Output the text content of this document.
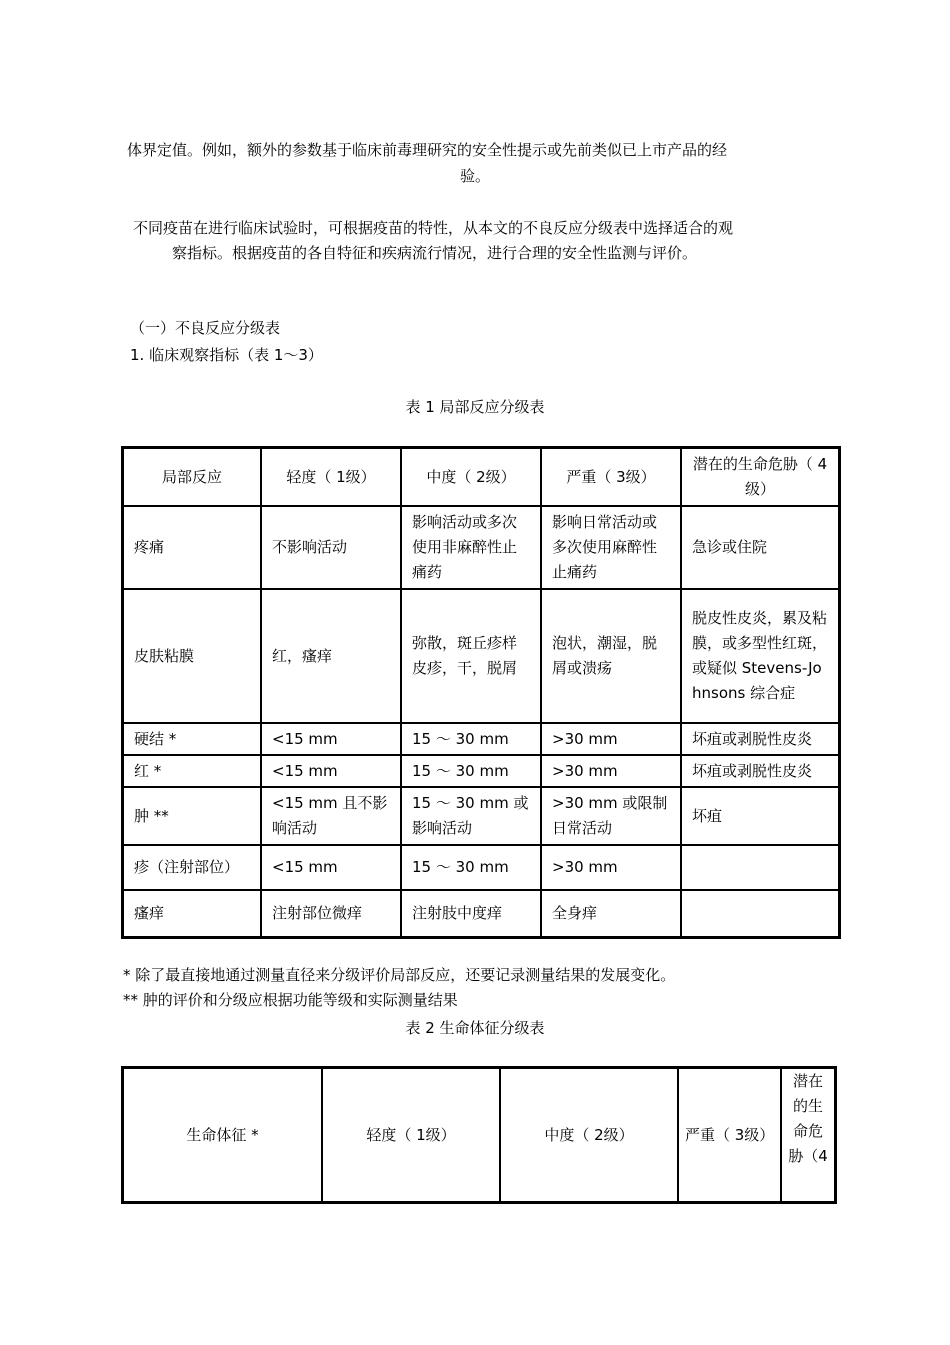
体界定值。例如，额外的参数基于临床前毒理研究的安全性提示或先前类似已上市产品的经
验。
不同疫苗在进行临床试验时，可根据疫苗的特性，从本文的不良反应分级表中选择适合的观
察指标。根据疫苗的各自特征和疾病流行情况，进行合理的安全性监测与评价。
（一）不良反应分级表
1. 临床观察指标（表 1～3）
表 1 局部反应分级表
局部反应	轻度（ 1级）	中度（ 2级）	严重（ 3级）	潜在的生命危胁（ 4级）
疼痛	不影响活动	影响活动或多次使用非麻醉性止痛药	影响日常活动或多次使用麻醉性止痛药	急诊或住院
皮肤粘膜	红，瘙痒	弥散，斑丘疹样皮疹，干，脱屑	泡状，潮湿，脱屑或溃疡	脱皮性皮炎，累及粘膜，或多型性红斑，或疑似 Stevens-Johnsons 综合症
硬结 *	<15 mm	15 ～ 30 mm	>30 mm	坏疽或剥脱性皮炎
红 *	<15 mm	15 ～ 30 mm	>30 mm	坏疽或剥脱性皮炎
肿 **	<15 mm 且不影响活动	15 ～ 30 mm 或影响活动	>30 mm 或限制日常活动	坏疽
疹（注射部位）	<15 mm	15 ～ 30 mm	>30 mm	
瘙痒	注射部位微痒	注射肢中度痒	全身痒	
* 除了最直接地通过测量直径来分级评价局部反应，还要记录测量结果的发展变化。
** 肿的评价和分级应根据功能等级和实际测量结果
表 2 生命体征分级表
生命体征 *	轻度（ 1级）	中度（ 2级）	严重（ 3级）	潜在的生命危胁（4
